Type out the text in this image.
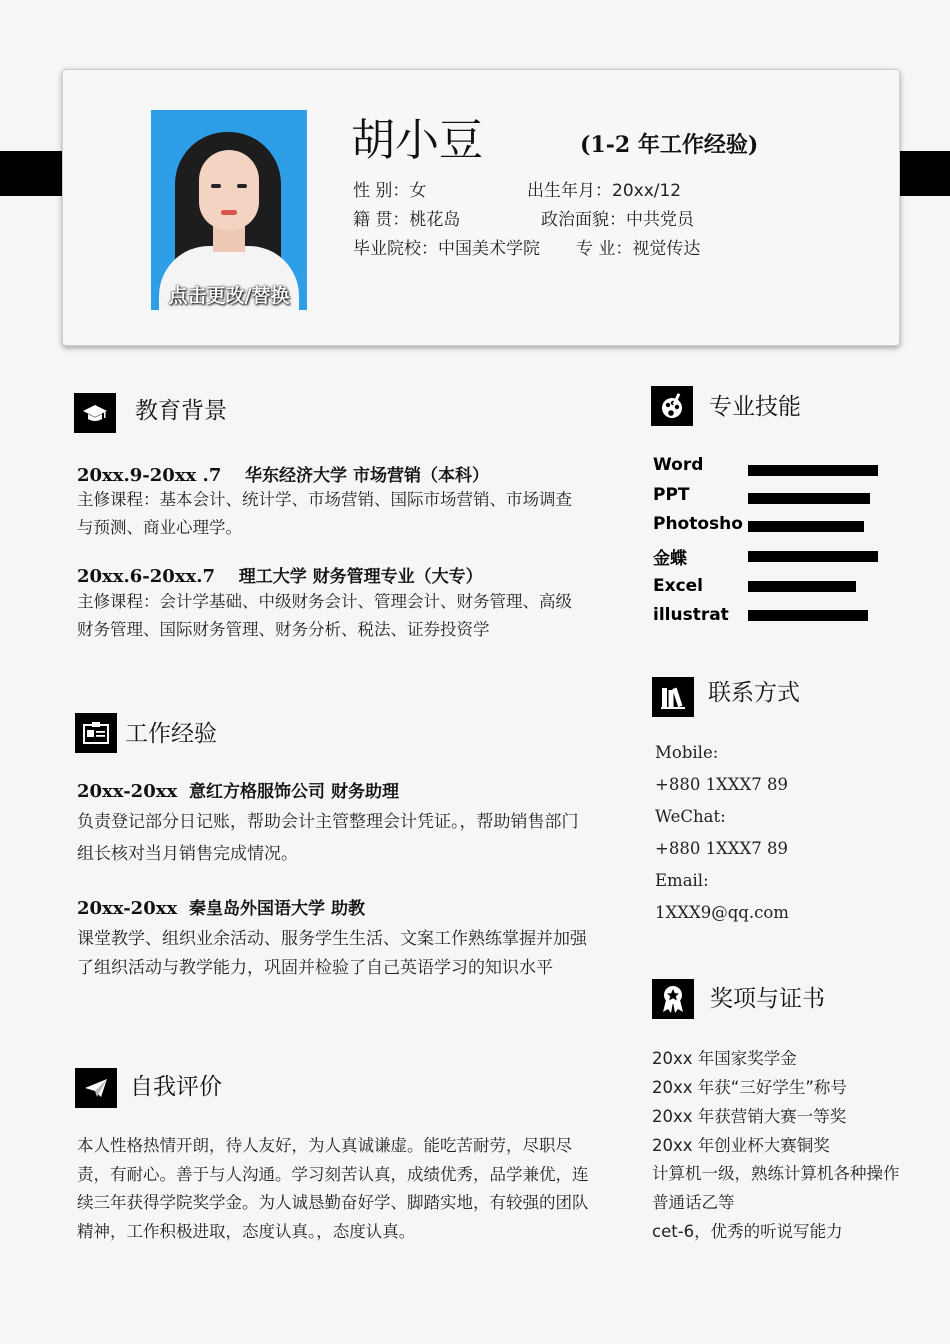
点击更改/替换
胡小豆	(1-2 年工作经验)
性 别：女	出生年月：20xx/12
籍 贯：桃花岛	政治面貌：中共党员
毕业院校：中国美术学院 专 业：视觉传达
教育背景
20xx.9-20xx .7 华东经济大学 市场营销（本科）
主修课程：基本会计、统计学、市场营销、国际市场营销、市场调查与预测、商业心理学。
20xx.6-20xx.7 理工大学 财务管理专业（大专）
主修课程：会计学基础、中级财务会计、管理会计、财务管理、高级财务管理、国际财务管理、财务分析、税法、证券投资学
工作经验
20xx-20xx 意红方格服饰公司 财务助理
负责登记部分日记账，帮助会计主管整理会计凭证。，帮助销售部门组长核对当月销售完成情况。
20xx-20xx 秦皇岛外国语大学 助教
课堂教学、组织业余活动、服务学生生活、文案工作熟练掌握并加强了组织活动与教学能力，巩固并检验了自己英语学习的知识水平
自我评价
本人性格热情开朗，待人友好，为人真诚谦虚。能吃苦耐劳，尽职尽责，有耐心。善于与人沟通。学习刻苦认真，成绩优秀，品学兼优，连续三年获得学院奖学金。为人诚恳勤奋好学、脚踏实地，有较强的团队精神，工作积极进取，态度认真。，态度认真。
专业技能
Word
PPT
Photosho
金蝶
Excel
illustrat
联系方式
Mobile:
+880 1XXX7 89
WeChat:
+880 1XXX7 89
Email:
1XXX9@qq.com
奖项与证书
20xx 年国家奖学金
20xx 年获“三好学生”称号
20xx 年获营销大赛一等奖
20xx 年创业杯大赛铜奖
计算机一级，熟练计算机各种操作
普通话乙等
cet-6，优秀的听说写能力
